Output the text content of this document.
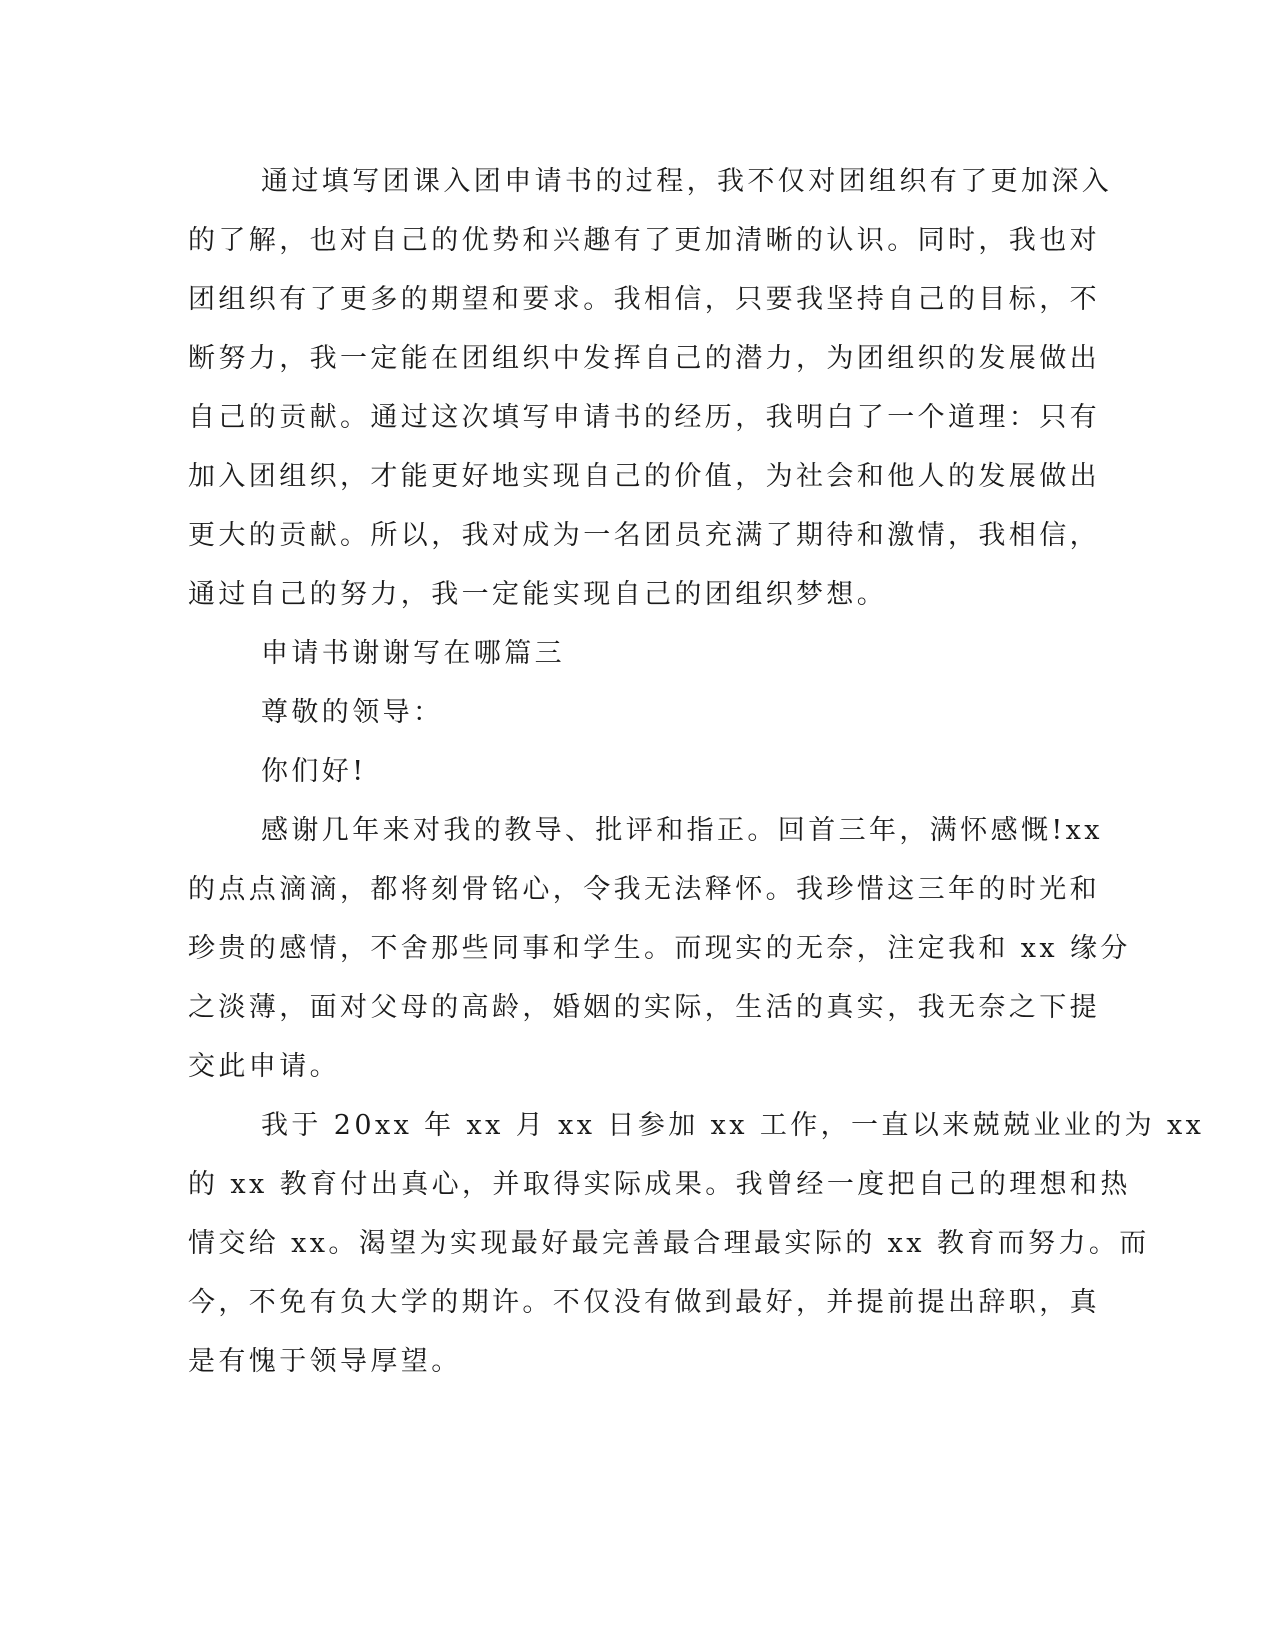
通过填写团课入团申请书的过程，我不仅对团组织有了更加深入
的了解，也对自己的优势和兴趣有了更加清晰的认识。同时，我也对
团组织有了更多的期望和要求。我相信，只要我坚持自己的目标，不
断努力，我一定能在团组织中发挥自己的潜力，为团组织的发展做出
自己的贡献。通过这次填写申请书的经历，我明白了一个道理：只有
加入团组织，才能更好地实现自己的价值，为社会和他人的发展做出
更大的贡献。所以，我对成为一名团员充满了期待和激情，我相信，
通过自己的努力，我一定能实现自己的团组织梦想。
申请书谢谢写在哪篇三
尊敬的领导：
你们好!
感谢几年来对我的教导、批评和指正。回首三年，满怀感慨!xx
的点点滴滴，都将刻骨铭心，令我无法释怀。我珍惜这三年的时光和
珍贵的感情，不舍那些同事和学生。而现实的无奈，注定我和 xx 缘分
之淡薄，面对父母的高龄，婚姻的实际，生活的真实，我无奈之下提
交此申请。
我于 20xx 年 xx 月 xx 日参加 xx 工作，一直以来兢兢业业的为 xx
的 xx 教育付出真心，并取得实际成果。我曾经一度把自己的理想和热
情交给 xx。渴望为实现最好最完善最合理最实际的 xx 教育而努力。而
今，不免有负大学的期许。不仅没有做到最好，并提前提出辞职，真
是有愧于领导厚望。
